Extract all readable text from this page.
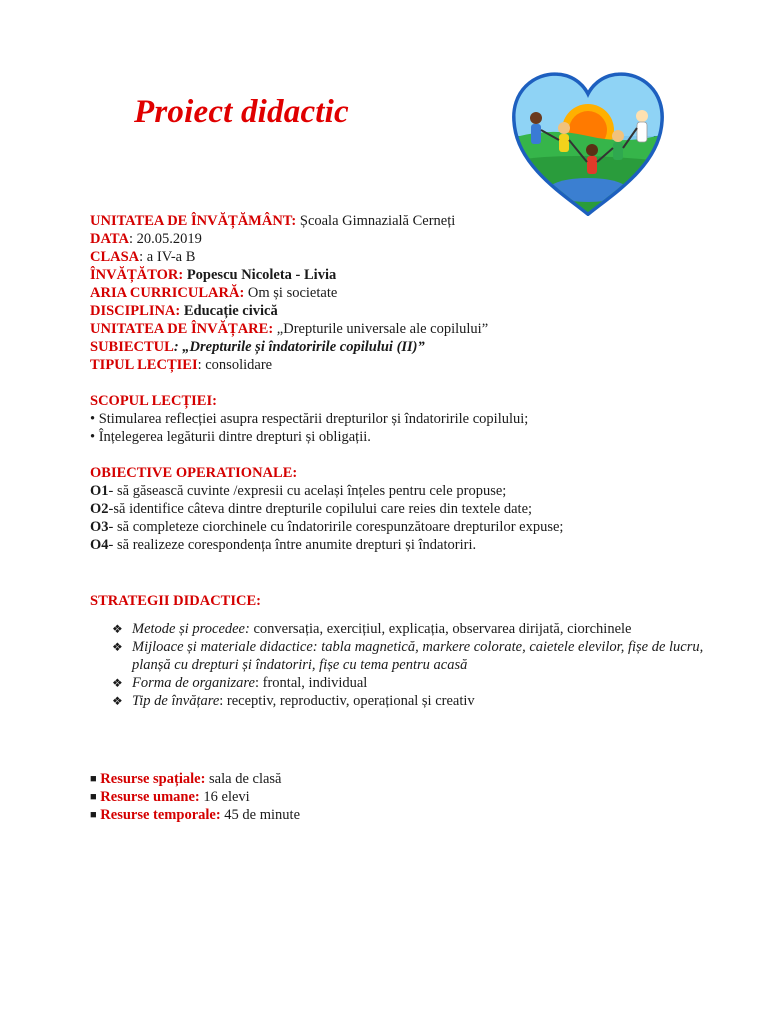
Proiect didactic
UNITATEA DE ÎNVĂȚĂMÂNT: Școala Gimnazială Cerneți
DATA: 20.05.2019
CLASA: a IV-a B
ÎNVĂȚĂTOR: Popescu Nicoleta - Livia
ARIA CURRICULARĂ: Om și societate
DISCIPLINA: Educație civică
UNITATEA DE ÎNVĂȚARE: „Drepturile universale ale copilului”
SUBIECTUL: „Drepturile și îndatoririle copilului (II)”
TIPUL LECȚIEI: consolidare
SCOPUL LECȚIEI:
• Stimularea reflecției asupra respectării drepturilor și îndatoririle copilului;
• Înțelegerea legăturii dintre drepturi și obligații.
OBIECTIVE OPERATIONALE:
O1- să găsească cuvinte /expresii cu același înțeles pentru cele propuse;
O2-să identifice câteva dintre drepturile copilului care reies din textele date;
O3- să completeze ciorchinele cu îndatoririle corespunzătoare drepturilor expuse;
O4- să realizeze corespondența între anumite drepturi și îndatoriri.
STRATEGII DIDACTICE:
❖ Metode și procedee: conversația, exercițiul, explicația, observarea dirijată, ciorchinele
❖ Mijloace și materiale didactice: tabla magnetică, markere colorate, caietele elevilor, fișe de lucru, planșă cu drepturi și îndatoriri, fișe cu tema pentru acasă
❖ Forma de organizare: frontal, individual
❖ Tip de învățare: receptiv, reproductiv, operațional și creativ
■ Resurse spațiale: sala de clasă
■ Resurse umane: 16 elevi
■ Resurse temporale: 45 de minute
